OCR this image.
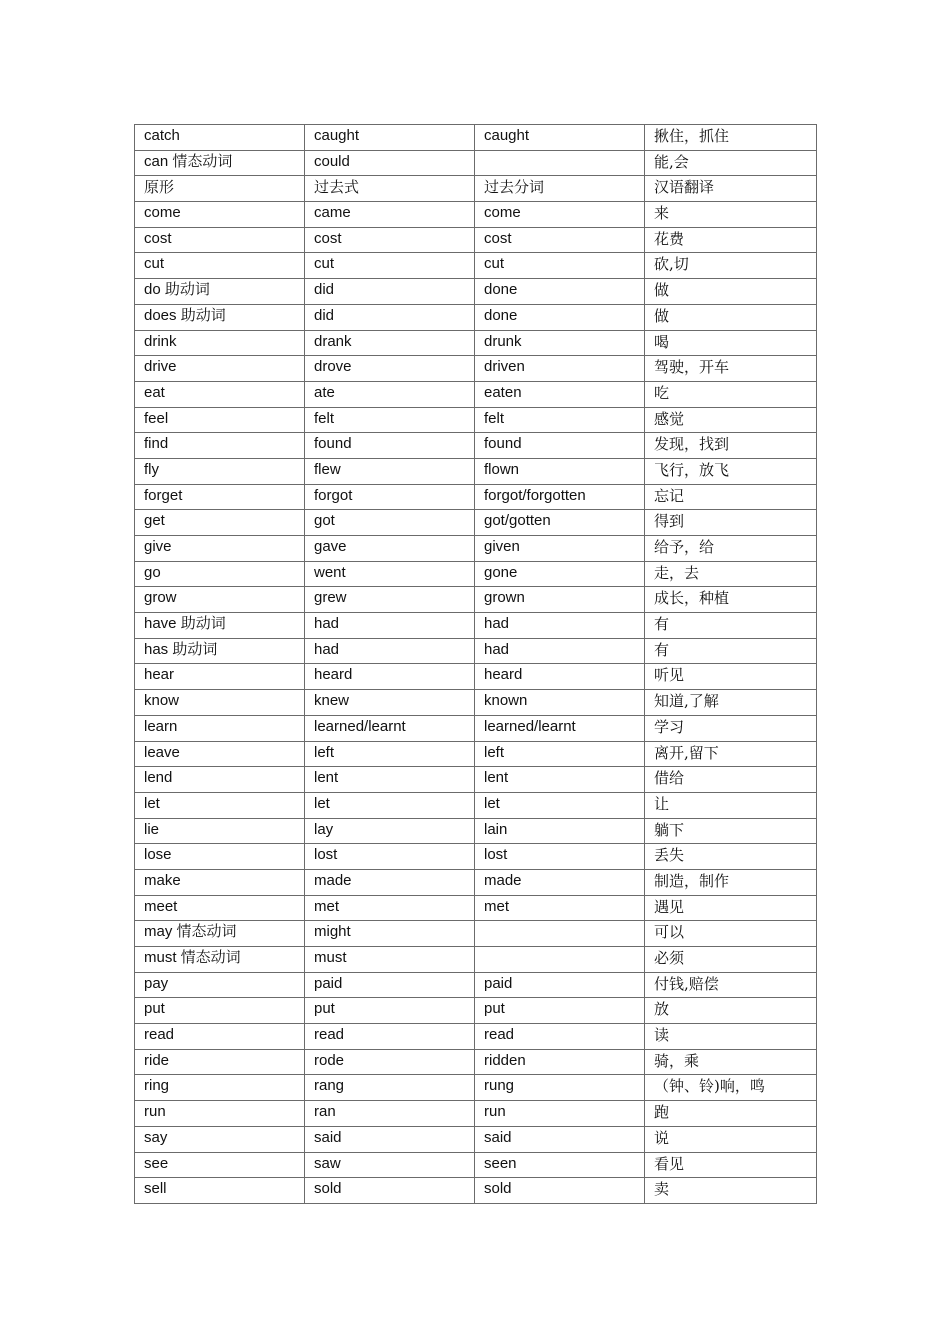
catch	caught	caught	揪住，抓住
can 情态动词	could		能,会
原形	过去式	过去分词	汉语翻译
come	came	come	来
cost	cost	cost	花费
cut	cut	cut	砍,切
do 助动词	did	done	做
does 助动词	did	done	做
drink	drank	drunk	喝
drive	drove	driven	驾驶，开车
eat	ate	eaten	吃
feel	felt	felt	感觉
find	found	found	发现，找到
fly	flew	flown	飞行，放飞
forget	forgot	forgot/forgotten	忘记
get	got	got/gotten	得到
give	gave	given	给予，给
go	went	gone	走，去
grow	grew	grown	成长，种植
have 助动词	had	had	有
has 助动词	had	had	有
hear	heard	heard	听见
know	knew	known	知道,了解
learn	learned/learnt	learned/learnt	学习
leave	left	left	离开,留下
lend	lent	lent	借给
let	let	let	让
lie	lay	lain	躺下
lose	lost	lost	丢失
make	made	made	制造，制作
meet	met	met	遇见
may 情态动词	might		可以
must 情态动词	must		必须
pay	paid	paid	付钱,赔偿
put	put	put	放
read	read	read	读
ride	rode	ridden	骑，乘
ring	rang	rung	（钟、铃)响，鸣
run	ran	run	跑
say	said	said	说
see	saw	seen	看见
sell	sold	sold	卖
